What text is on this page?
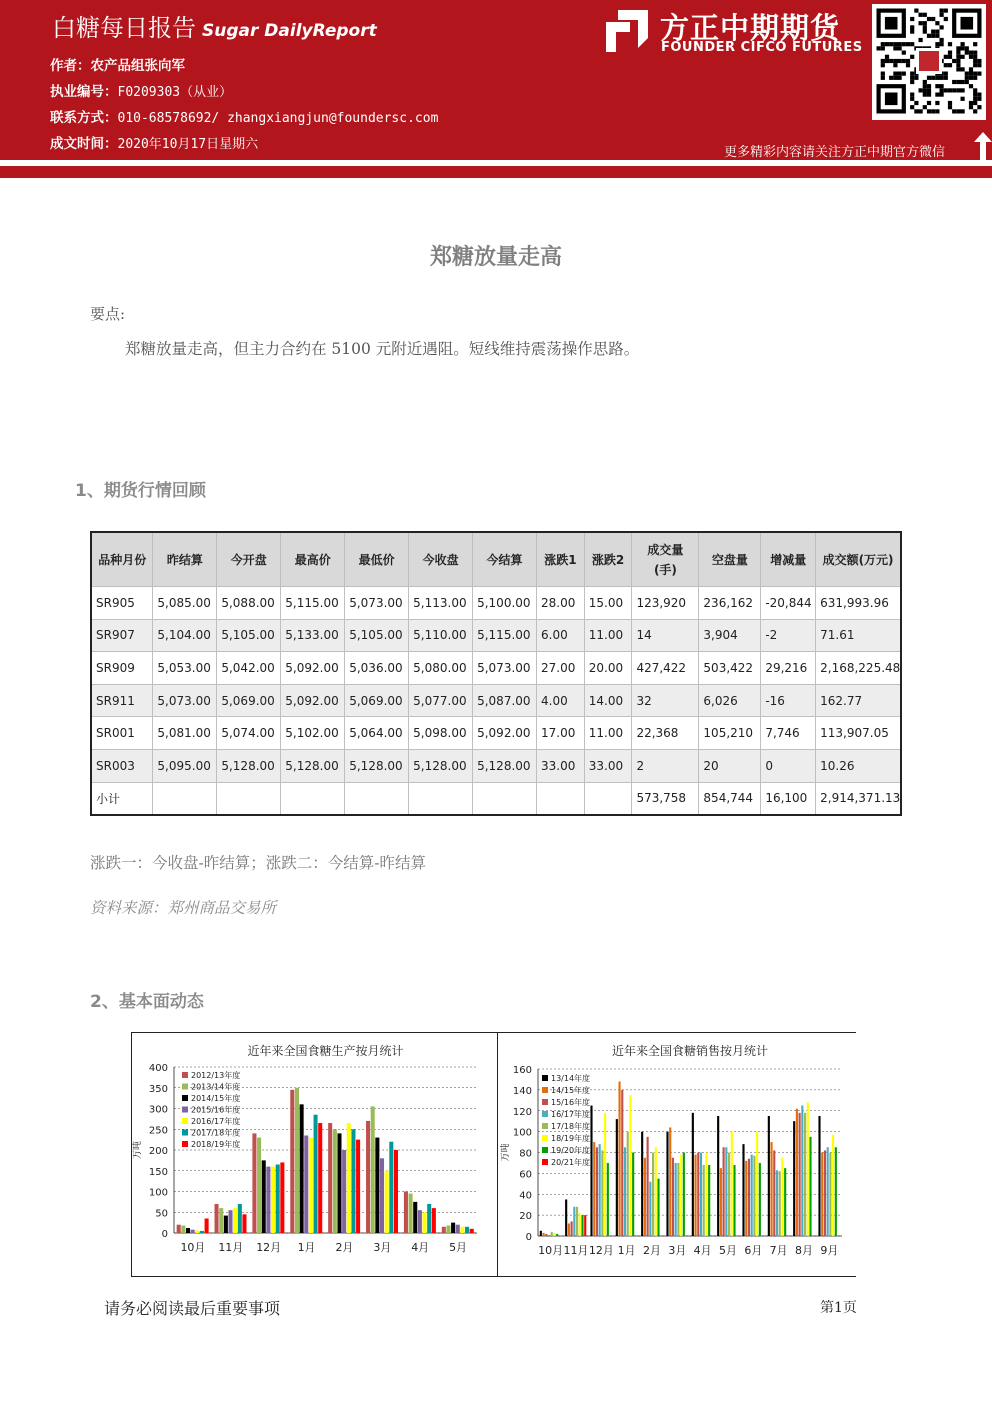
白糖每日报告 Sugar DailyReport
作者：农产品组张向军
执业编号：F0209303（从业）
联系方式：010-68578692/ zhangxiangjun@foundersc.com
成文时间：2020年10月17日星期六
方正中期期货
FOUNDER CIFCO FUTURES
更多精彩内容请关注方正中期官方微信
郑糖放量走高
要点:
郑糖放量走高，但主力合约在 5100 元附近遇阻。短线维持震荡操作思路。
1、期货行情回顾
品种月份	昨结算	今开盘	最高价	最低价	今收盘	今结算	涨跌1	涨跌2	成交量(手)	空盘量	增减量	成交额(万元)
SR905	5,085.00	5,088.00	5,115.00	5,073.00	5,113.00	5,100.00	28.00	15.00	123,920	236,162	-20,844	631,993.96
SR907	5,104.00	5,105.00	5,133.00	5,105.00	5,110.00	5,115.00	6.00	11.00	14	3,904	-2	71.61
SR909	5,053.00	5,042.00	5,092.00	5,036.00	5,080.00	5,073.00	27.00	20.00	427,422	503,422	29,216	2,168,225.48
SR911	5,073.00	5,069.00	5,092.00	5,069.00	5,077.00	5,087.00	4.00	14.00	32	6,026	-16	162.77
SR001	5,081.00	5,074.00	5,102.00	5,064.00	5,098.00	5,092.00	17.00	11.00	22,368	105,210	7,746	113,907.05
SR003	5,095.00	5,128.00	5,128.00	5,128.00	5,128.00	5,128.00	33.00	33.00	2	20	0	10.26
小计									573,758	854,744	16,100	2,914,371.13
涨跌一：今收盘-昨结算；涨跌二：今结算-昨结算
资料来源：郑州商品交易所
2、基本面动态
近年来全国食糖生产按月统计
0
50
100
150
200
250
300
350
400
万吨
10月 11月 12月 1月 2月 3月 4月 5月
2012/13年度
2013/14年度
2014/15年度
2015/16年度
2016/17年度
2017/18年度
2018/19年度
近年来全国食糖销售按月统计
0
20
40
60
80
100
120
140
160
万吨
10月 11月 12月 1月 2月 3月 4月 5月 6月 7月 8月 9月
13/14年度
14/15年度
15/16年度
16/17年度
17/18年度
18/19年度
19/20年度
20/21年度
请务必阅读最后重要事项	第1页
